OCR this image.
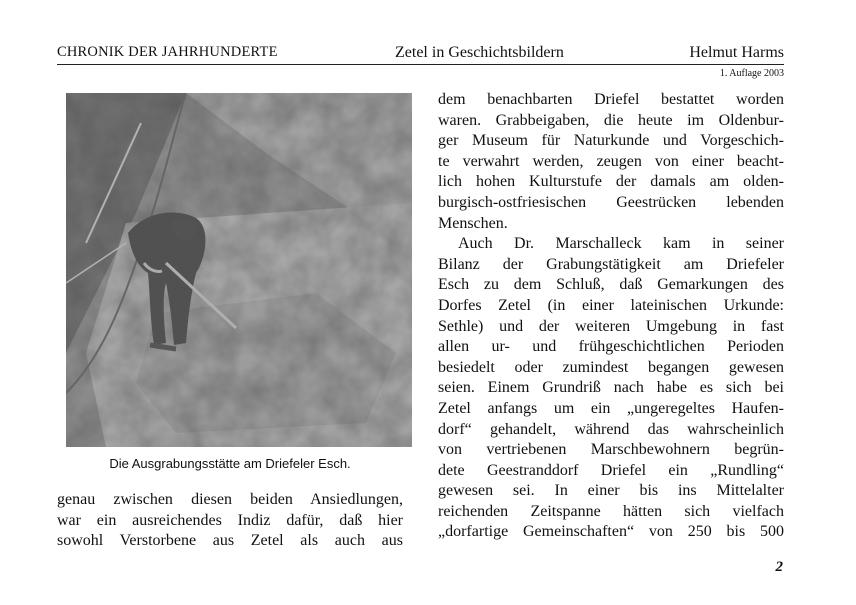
CHRONIK DER JAHRHUNDERTE	Zetel in Geschichtsbildern	Helmut Harms
1. Auflage 2003
Die Ausgrabungsstätte am Driefeler Esch.
genau zwischen diesen beiden Ansiedlungen,
war ein ausreichendes Indiz dafür, daß hier
sowohl Verstorbene aus Zetel als auch aus
dem benachbarten Driefel bestattet worden
waren. Grabbeigaben, die heute im Oldenbur-
ger Museum für Naturkunde und Vorgeschich-
te verwahrt werden, zeugen von einer beacht-
lich hohen Kulturstufe der damals am olden-
burgisch-ostfriesischen Geestrücken lebenden
Menschen.
Auch Dr. Marschalleck kam in seiner
Bilanz der Grabungstätigkeit am Driefeler
Esch zu dem Schluß, daß Gemarkungen des
Dorfes Zetel (in einer lateinischen Urkunde:
Sethle) und der weiteren Umgebung in fast
allen ur- und frühgeschichtlichen Perioden
besiedelt oder zumindest begangen gewesen
seien. Einem Grundriß nach habe es sich bei
Zetel anfangs um ein „ungeregeltes Haufen-
dorf“ gehandelt, während das wahrscheinlich
von vertriebenen Marschbewohnern begrün-
dete Geestranddorf Driefel ein „Rundling“
gewesen sei. In einer bis ins Mittelalter
reichenden Zeitspanne hätten sich vielfach
„dorfartige Gemeinschaften“ von 250 bis 500
2
